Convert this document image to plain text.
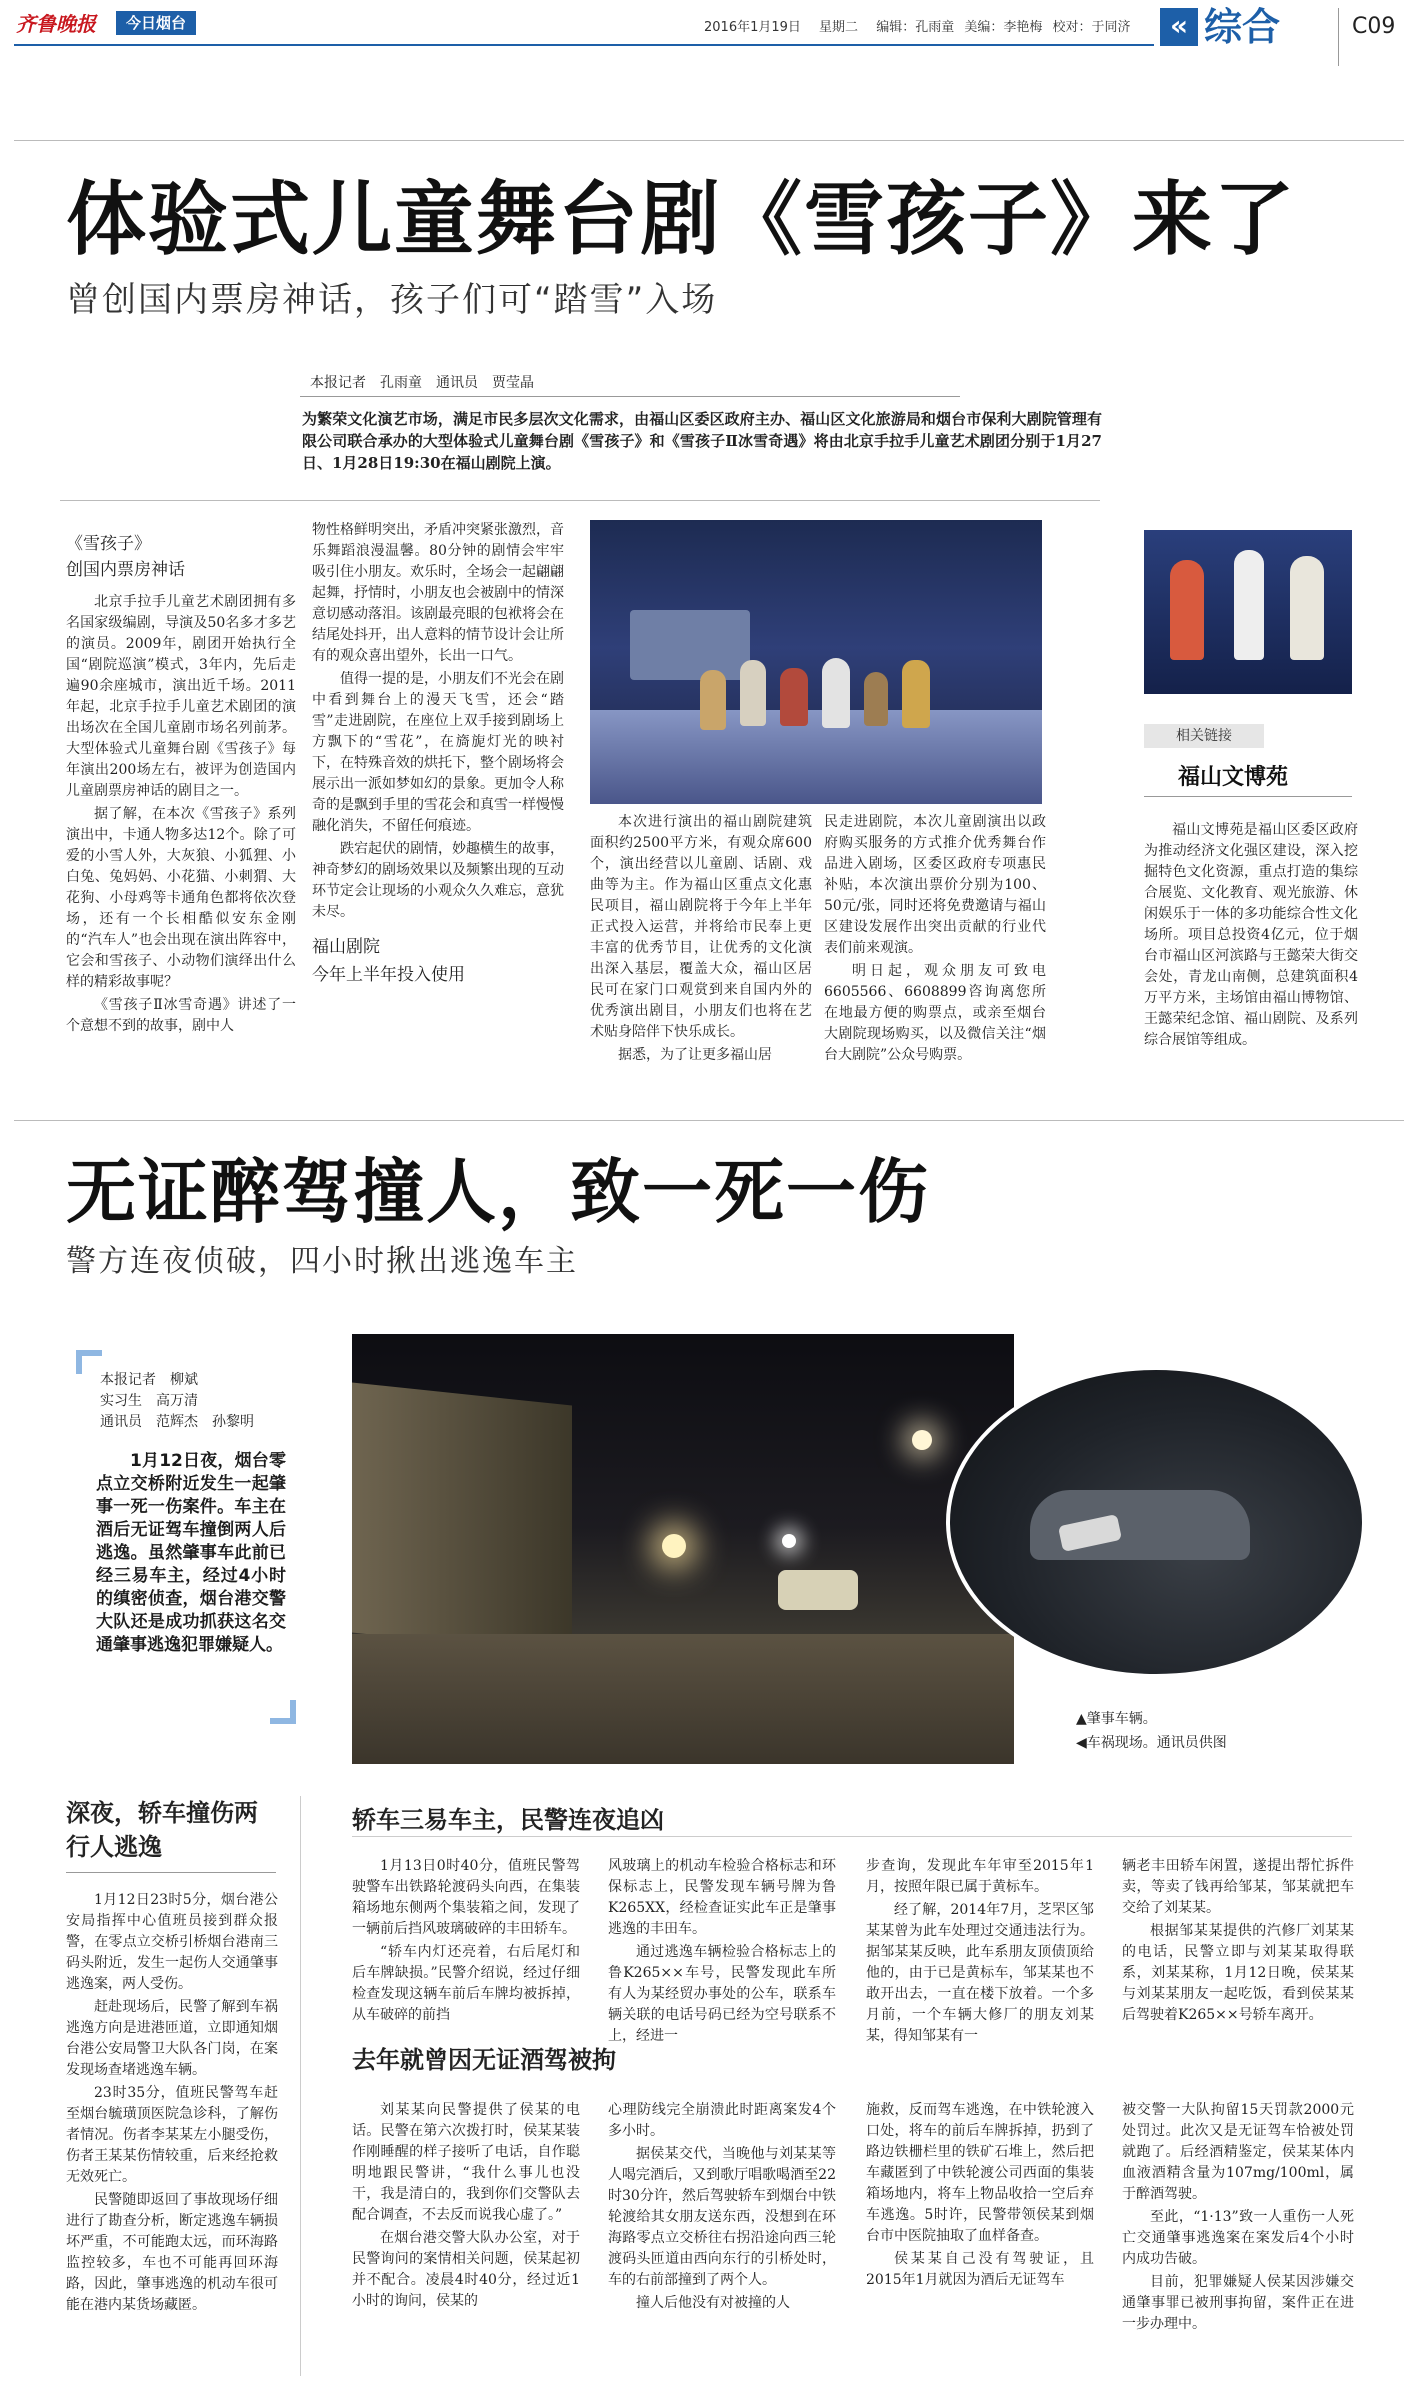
齐鲁晚报	今日烟台	2016年1月19日 星期二 编辑：孔雨童 美编：李艳梅 校对：于同济	« 综合	C09
体验式儿童舞台剧《雪孩子》来了
曾创国内票房神话，孩子们可“踏雪”入场
本报记者　孔雨童　通讯员　贾莹晶
为繁荣文化演艺市场，满足市民多层次文化需求，由福山区委区政府主办、福山区文化旅游局和烟台市保利大剧院管理有限公司联合承办的大型体验式儿童舞台剧《雪孩子》和《雪孩子Ⅱ冰雪奇遇》将由北京手拉手儿童艺术剧团分别于1月27日、1月28日19:30在福山剧院上演。

《雪孩子》

创国内票房神话

北京手拉手儿童艺术剧团拥有多名国家级编剧，导演及50名多才多艺的演员。2009年，剧团开始执行全国“剧院巡演”模式，3年内，先后走遍90余座城市，演出近千场。2011年起，北京手拉手儿童艺术剧团的演出场次在全国儿童剧市场名列前茅。大型体验式儿童舞台剧《雪孩子》每年演出200场左右，被评为创造国内儿童剧票房神话的剧目之一。

据了解，在本次《雪孩子》系列演出中，卡通人物多达12个。除了可爱的小雪人外，大灰狼、小狐狸、小白兔、兔妈妈、小花猫、小刺猬、大花狗、小母鸡等卡通角色都将依次登场，还有一个长相酷似安东金刚的“汽车人”也会出现在演出阵容中，它会和雪孩子、小动物们演绎出什么样的精彩故事呢？

《雪孩子Ⅱ冰雪奇遇》讲述了一个意想不到的故事，剧中人

物性格鲜明突出，矛盾冲突紧张激烈，音乐舞蹈浪漫温馨。80分钟的剧情会牢牢吸引住小朋友。欢乐时，全场会一起翩翩起舞，抒情时，小朋友也会被剧中的情深意切感动落泪。该剧最亮眼的包袱将会在结尾处抖开，出人意料的情节设计会让所有的观众喜出望外，长出一口气。

值得一提的是，小朋友们不光会在剧中看到舞台上的漫天飞雪，还会“踏雪”走进剧院，在座位上双手接到剧场上方飘下的“雪花”，在旖旎灯光的映衬下，在特殊音效的烘托下，整个剧场将会展示出一派如梦如幻的景象。更加令人称奇的是飘到手里的雪花会和真雪一样慢慢融化消失，不留任何痕迹。

跌宕起伏的剧情，妙趣横生的故事，神奇梦幻的剧场效果以及频繁出现的互动环节定会让现场的小观众久久难忘，意犹未尽。

福山剧院

今年上半年投入使用

本次进行演出的福山剧院建筑面积约2500平方米，有观众席600个，演出经营以儿童剧、话剧、戏曲等为主。作为福山区重点文化惠民项目，福山剧院将于今年上半年正式投入运营，并将给市民奉上更丰富的优秀节目，让优秀的文化演出深入基层，覆盖大众，福山区居民可在家门口观赏到来自国内外的优秀演出剧目，小朋友们也将在艺术贴身陪伴下快乐成长。

据悉，为了让更多福山居

民走进剧院，本次儿童剧演出以政府购买服务的方式推介优秀舞台作品进入剧场，区委区政府专项惠民补贴，本次演出票价分别为100、50元/张，同时还将免费邀请与福山区建设发展作出突出贡献的行业代表们前来观演。

明日起，观众朋友可致电6605566、6608899咨询离您所在地最方便的购票点，或亲至烟台大剧院现场购买，以及微信关注“烟台大剧院”公众号购票。

相关链接
福山文博苑
福山文博苑是福山区委区政府为推动经济文化强区建设，深入挖掘特色文化资源，重点打造的集综合展览、文化教育、观光旅游、休闲娱乐于一体的多功能综合性文化场所。项目总投资4亿元，位于烟台市福山区河滨路与王懿荣大街交会处，青龙山南侧，总建筑面积4万平方米，主场馆由福山博物馆、王懿荣纪念馆、福山剧院、及系列综合展馆等组成。
无证醉驾撞人，致一死一伤
警方连夜侦破，四小时揪出逃逸车主
本报记者　柳斌
实习生　高万清
通讯员　范辉杰　孙黎明
1月12日夜，烟台零点立交桥附近发生一起肇事一死一伤案件。车主在酒后无证驾车撞倒两人后逃逸。虽然肇事车此前已经三易车主，经过4小时的缜密侦查，烟台港交警大队还是成功抓获这名交通肇事逃逸犯罪嫌疑人。
▲肇事车辆。
◀车祸现场。通讯员供图
深夜，轿车撞伤两行人逃逸

1月12日23时5分，烟台港公安局指挥中心值班员接到群众报警，在零点立交桥引桥烟台港南三码头附近，发生一起伤人交通肇事逃逸案，两人受伤。

赶赴现场后，民警了解到车祸逃逸方向是进港匝道，立即通知烟台港公安局警卫大队各门岗，在案发现场查堵逃逸车辆。

23时35分，值班民警驾车赶至烟台毓璜顶医院急诊科，了解伤者情况。伤者李某某左小腿受伤，伤者王某某伤情较重，后来经抢救无效死亡。

民警随即返回了事故现场仔细进行了勘查分析，断定逃逸车辆损坏严重，不可能跑太远，而环海路监控较多，车也不可能再回环海路，因此，肇事逃逸的机动车很可能在港内某货场藏匿。

轿车三易车主，民警连夜追凶

1月13日0时40分，值班民警驾驶警车出铁路轮渡码头向西，在集装箱场地东侧两个集装箱之间，发现了一辆前后挡风玻璃破碎的丰田轿车。

“轿车内灯还亮着，右后尾灯和后车牌缺损。”民警介绍说，经过仔细检查发现这辆车前后车牌均被拆掉，从车破碎的前挡

风玻璃上的机动车检验合格标志和环保标志上，民警发现车辆号牌为鲁K265XX，经检查证实此车正是肇事逃逸的丰田车。

通过逃逸车辆检验合格标志上的鲁K265××车号，民警发现此车所有人为某经贸办事处的公车，联系车辆关联的电话号码已经为空号联系不上，经进一

步查询，发现此车年审至2015年1月，按照年限已属于黄标车。

经了解，2014年7月，芝罘区邹某某曾为此车处理过交通违法行为。据邹某某反映，此车系朋友顶债顶给他的，由于已是黄标车，邹某某也不敢开出去，一直在楼下放着。一个多月前，一个车辆大修厂的朋友刘某某，得知邹某有一

辆老丰田轿车闲置，遂提出帮忙拆件卖，等卖了钱再给邹某，邹某就把车交给了刘某某。

根据邹某某提供的汽修厂刘某某的电话，民警立即与刘某某取得联系，刘某某称，1月12日晚，侯某某与刘某某朋友一起吃饭，看到侯某某后驾驶着K265××号轿车离开。

去年就曾因无证酒驾被拘

刘某某向民警提供了侯某的电话。民警在第六次拨打时，侯某某装作刚睡醒的样子接听了电话，自作聪明地跟民警讲，“我什么事儿也没干，我是清白的，我到你们交警队去配合调查，不去反而说我心虚了。”

在烟台港交警大队办公室，对于民警询问的案情相关问题，侯某起初并不配合。凌晨4时40分，经过近1小时的询问，侯某的

心理防线完全崩溃此时距离案发4个多小时。

据侯某交代，当晚他与刘某某等人喝完酒后，又到歌厅唱歌喝酒至22时30分许，然后驾驶轿车到烟台中铁轮渡给其女朋友送东西，没想到在环海路零点立交桥往右拐沿途向西三轮渡码头匝道由西向东行的引桥处时，车的右前部撞到了两个人。

撞人后他没有对被撞的人

施救，反而驾车逃逸，在中铁轮渡入口处，将车的前后车牌拆掉，扔到了路边铁栅栏里的铁矿石堆上，然后把车藏匿到了中铁轮渡公司西面的集装箱场地内，将车上物品收拾一空后弃车逃逸。5时许，民警带领侯某到烟台市中医院抽取了血样备查。

侯某某自己没有驾驶证，且2015年1月就因为酒后无证驾车

被交警一大队拘留15天罚款2000元处罚过。此次又是无证驾车恰被处罚就跑了。后经酒精鉴定，侯某某体内血液酒精含量为107mg/100ml，属于醉酒驾驶。

至此，“1·13”致一人重伤一人死亡交通肇事逃逸案在案发后4个小时内成功告破。

目前，犯罪嫌疑人侯某因涉嫌交通肇事罪已被刑事拘留，案件正在进一步办理中。
